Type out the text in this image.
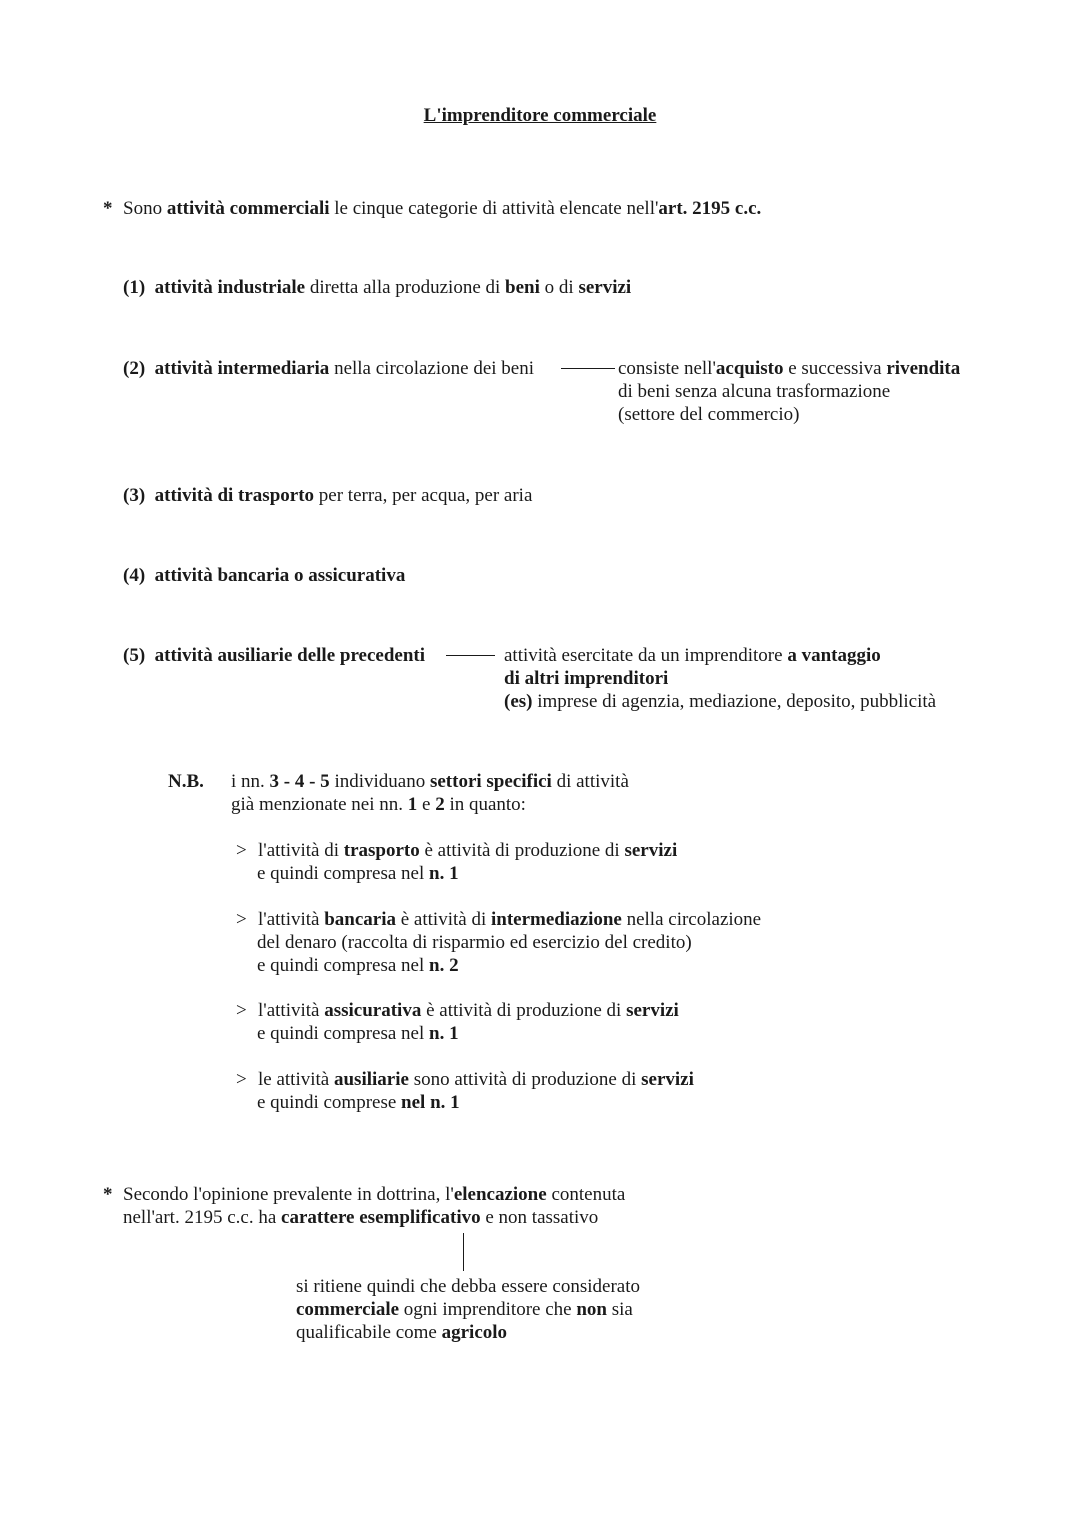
L'imprenditore commerciale
* Sono attività commerciali le cinque categorie di attività elencate nell'art. 2195 c.c.
(1) attività industriale diretta alla produzione di beni o di servizi
(2) attività intermediaria nella circolazione dei beni	consiste nell'acquisto e successiva rivendita
di beni senza alcuna trasformazione
(settore del commercio)
(3) attività di trasporto per terra, per acqua, per aria
(4) attività bancaria o assicurativa
(5) attività ausiliarie delle precedenti	attività esercitate da un imprenditore a vantaggio
di altri imprenditori
(es) imprese di agenzia, mediazione, deposito, pubblicità
N.B. i nn. 3 - 4 - 5 individuano settori specifici di attività
già menzionate nei nn. 1 e 2 in quanto:
> l'attività di trasporto è attività di produzione di servizi
e quindi compresa nel n. 1
> l'attività bancaria è attività di intermediazione nella circolazione
del denaro (raccolta di risparmio ed esercizio del credito)
e quindi compresa nel n. 2
> l'attività assicurativa è attività di produzione di servizi
e quindi compresa nel n. 1
> le attività ausiliarie sono attività di produzione di servizi
e quindi comprese nel n. 1
* Secondo l'opinione prevalente in dottrina, l'elencazione contenuta
nell'art. 2195 c.c. ha carattere esemplificativo e non tassativo
si ritiene quindi che debba essere considerato
commerciale ogni imprenditore che non sia
qualificabile come agricolo
